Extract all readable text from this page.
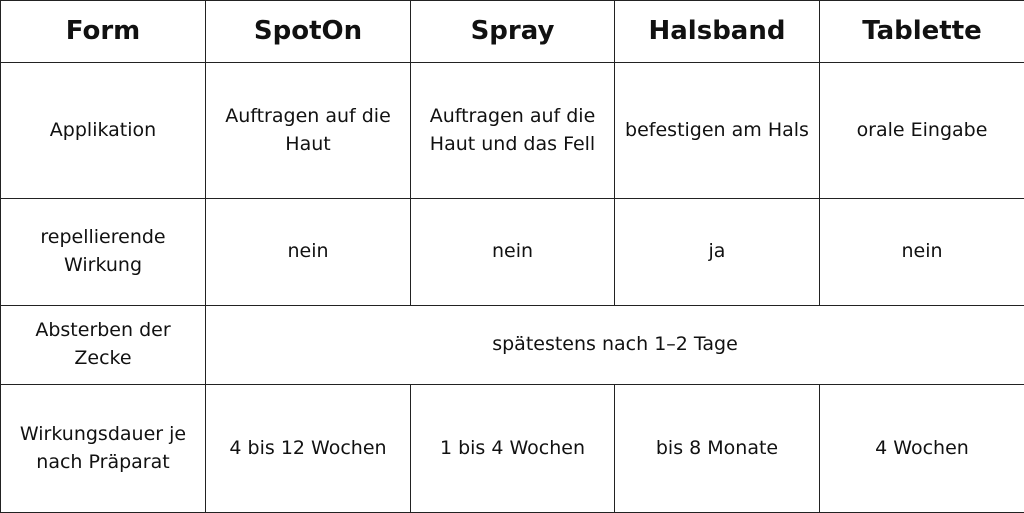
Form	SpotOn	Spray	Halsband	Tablette
Applikation	Auftragen auf die Haut	Auftragen auf die Haut und das Fell	befestigen am Hals	orale Eingabe
repellierende Wirkung	nein	nein	ja	nein
Absterben der Zecke	spätestens nach 1–2 Tage			
Wirkungsdauer je nach Präparat	4 bis 12 Wochen	1 bis 4 Wochen	bis 8 Monate	4 Wochen
